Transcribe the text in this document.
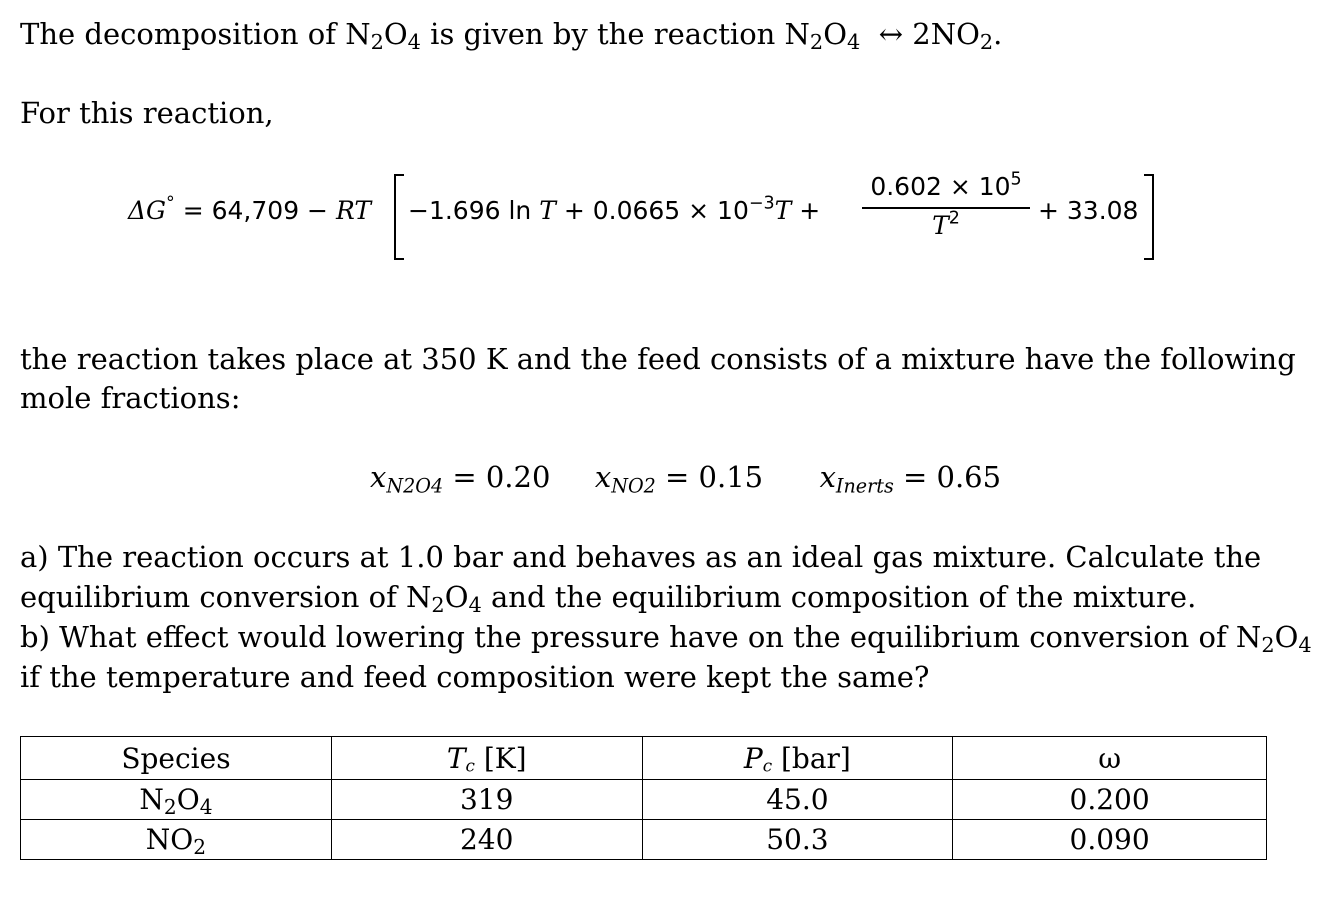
The decomposition of $N_2O_4$ is given by the reaction $N_2O_4$ ↔ $2NO_2$.
For this reaction,
ΔG° = 64,709 − RT −1.696 $\ln T + 0.0665 \times 10^{-3}T$ +
$0.602 \times 10^5$
$T^2$	+ 33.08
the reaction takes place at 350 K and the feed consists of a mixture have the following
mole fractions:
xN2O4 = 0.20 xNO2 = 0.15 xInerts = 0.65
a) The reaction occurs at 1.0 bar and behaves as an ideal gas mixture. Calculate the
equilibrium conversion of $N_2O_4$ and the equilibrium composition of the mixture.
b) What effect would lowering the pressure have on the equilibrium conversion of $N_2O_4$
if the temperature and feed composition were kept the same?
Species	Tc [K]	Pc [bar]	ω
$N_2O_4$	319	45.0	0.200
$NO_2$	240	50.3	0.090
